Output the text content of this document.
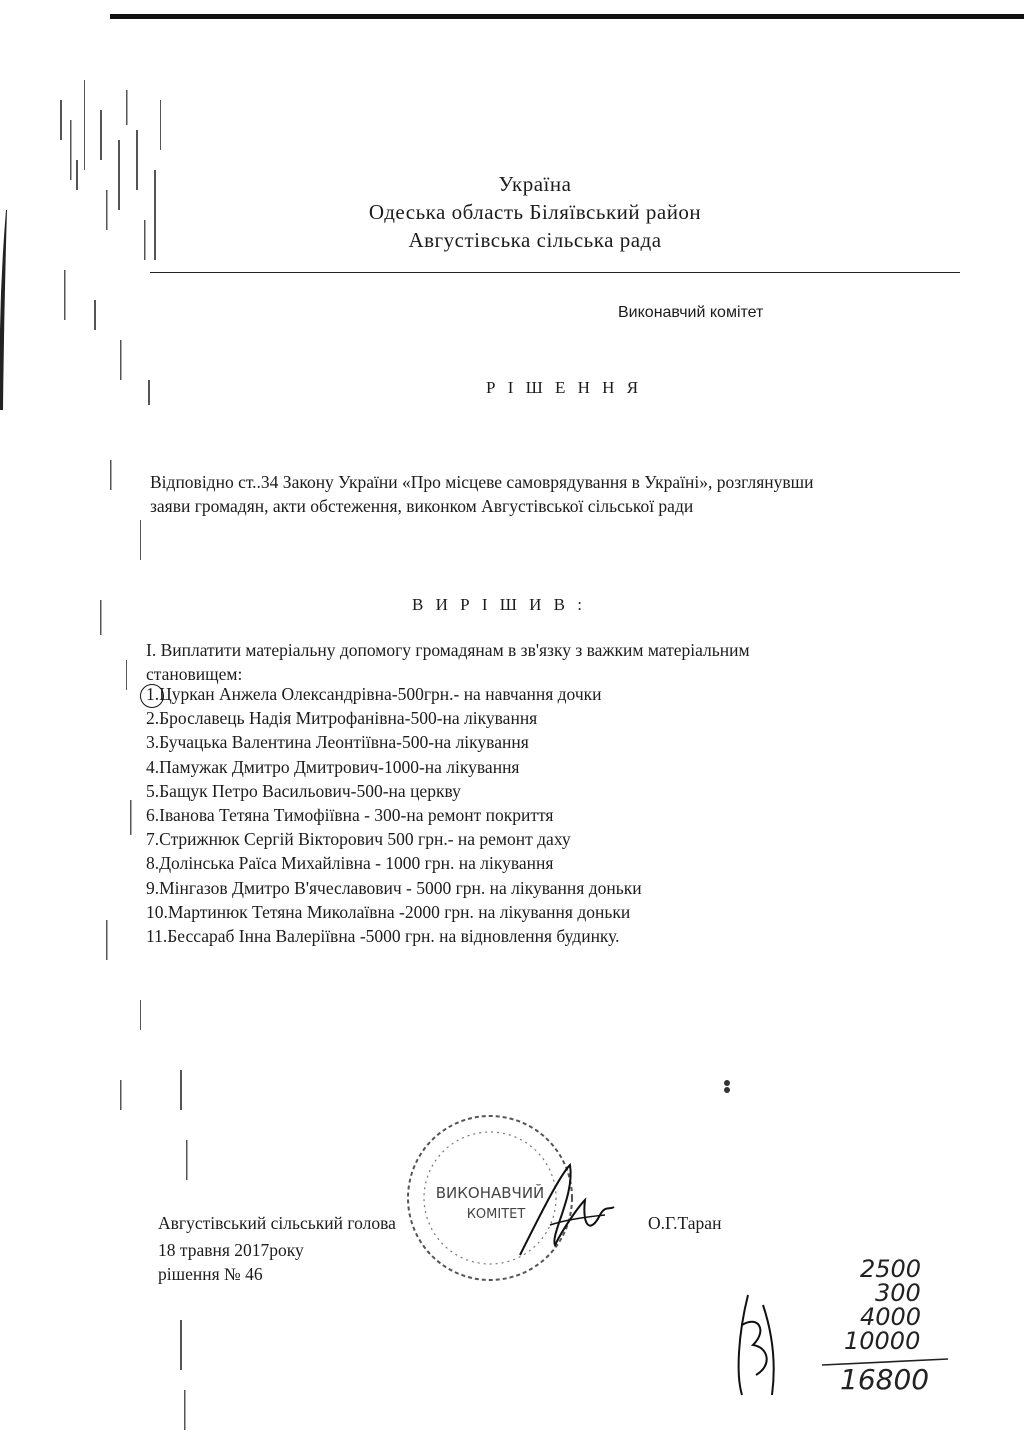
Україна
Одеська область Біляївський район
Августівська сільська рада
Виконавчий комітет
Р І Ш Е Н Н Я
Відповідно ст..34 Закону України «Про місцеве самоврядування в Україні», розглянувши
заяви громадян, акти обстеження, виконком Августівської сільської ради
В И Р І Ш И В :
І. Виплатити матеріальну допомогу громадянам в зв'язку з важким матеріальним
становищем:
1.Цуркан Анжела Олександрівна-500грн.- на навчання дочки
2.Брославець Надія Митрофанівна-500-на лікування
3.Бучацька Валентина Леонтіївна-500-на лікування
4.Памужак Дмитро Дмитрович-1000-на лікування
5.Бащук Петро Васильович-500-на церкву
6.Іванова Тетяна Тимофіївна - 300-на ремонт покриття
7.Стрижнюк Сергій Вікторович 500 грн.- на ремонт даху
8.Долінська Раїса Михайлівна - 1000 грн. на лікування
9.Мінгазов Дмитро В'ячеславович - 5000 грн. на лікування доньки
10.Мартинюк Тетяна Миколаївна -2000 грн. на лікування доньки
11.Бессараб Інна Валеріївна -5000 грн. на відновлення будинку.
ВИКОНАВЧИЙ
КОМІТЕТ
Августівський сільський голова	О.Г.Таран
18 травня 2017року
рішення № 46	2500
300
4000
10000
16800
